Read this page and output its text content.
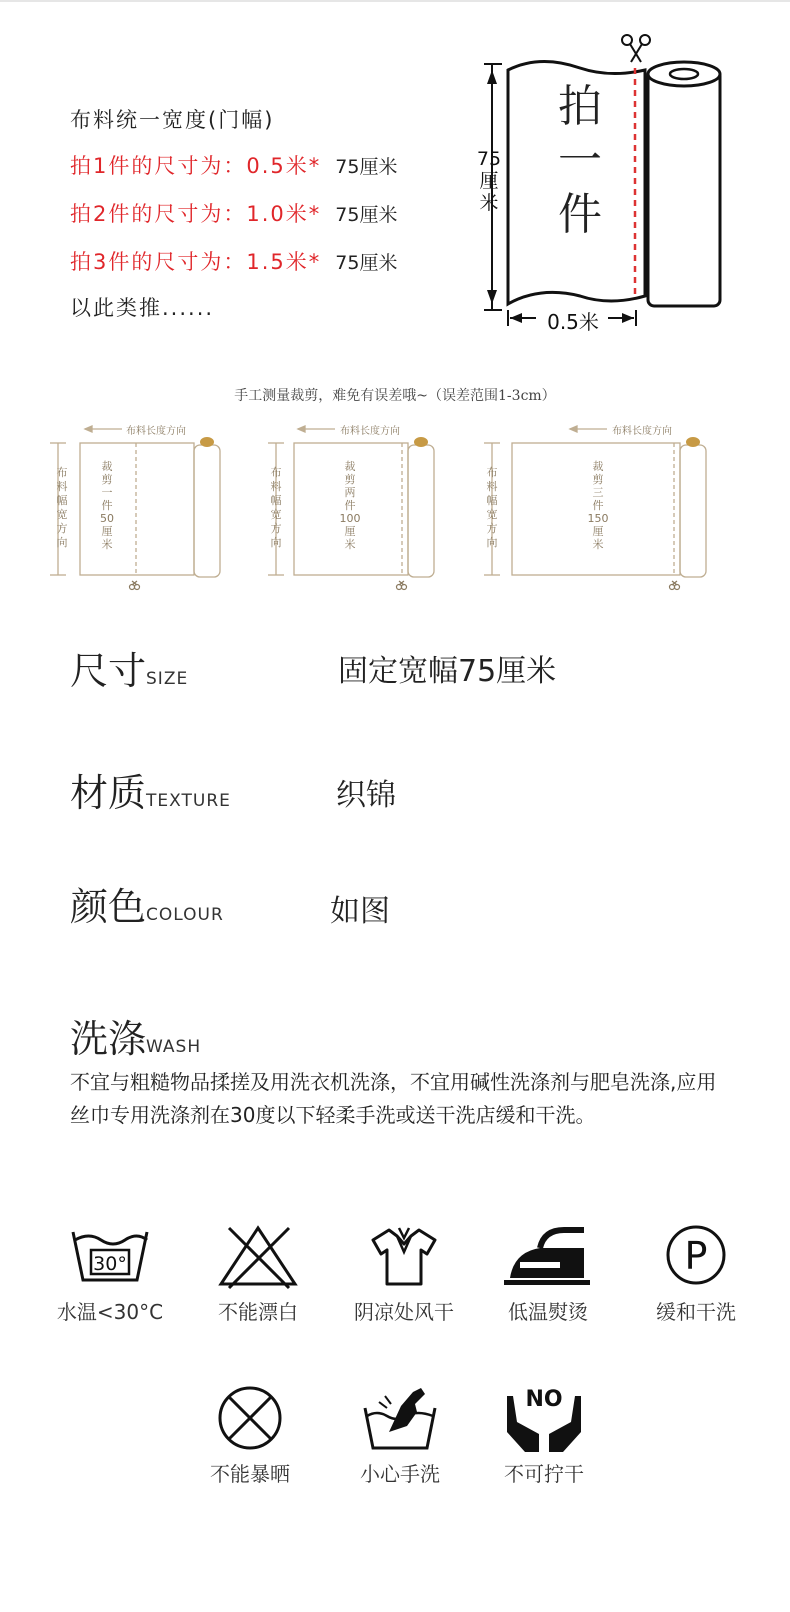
布料统一宽度(门幅)
拍1件的尺寸为：0.5米* 75厘米
拍2件的尺寸为：1.0米* 75厘米
拍3件的尺寸为：1.5米* 75厘米
以此类推......
拍
一
件
75
厘
米
0.5米
手工测量裁剪，难免有误差哦~（误差范围1-3cm）
布料长度方向	布料长度方向	布料长度方向
布
料
幅
宽
方
向
布
料
幅
宽
方
向
布
料
幅
宽
方
向
裁
剪
一
件
50
厘
米
裁
剪
两
件
100
厘
米
裁
剪
三
件
150
厘
米
尺寸SIZE	固定宽幅75厘米
材质TEXTURE	织锦
颜色COLOUR	如图
洗涤WASH
不宜与粗糙物品揉搓及用洗衣机洗涤，不宜用碱性洗涤剂与肥皂洗涤,应用丝巾专用洗涤剂在30度以下轻柔手洗或送干洗店缓和干洗。
30°
水温<30°C	不能漂白	阴凉处风干	低温熨烫
P
缓和干洗
不能暴晒	小心手洗
NO
不可拧干
